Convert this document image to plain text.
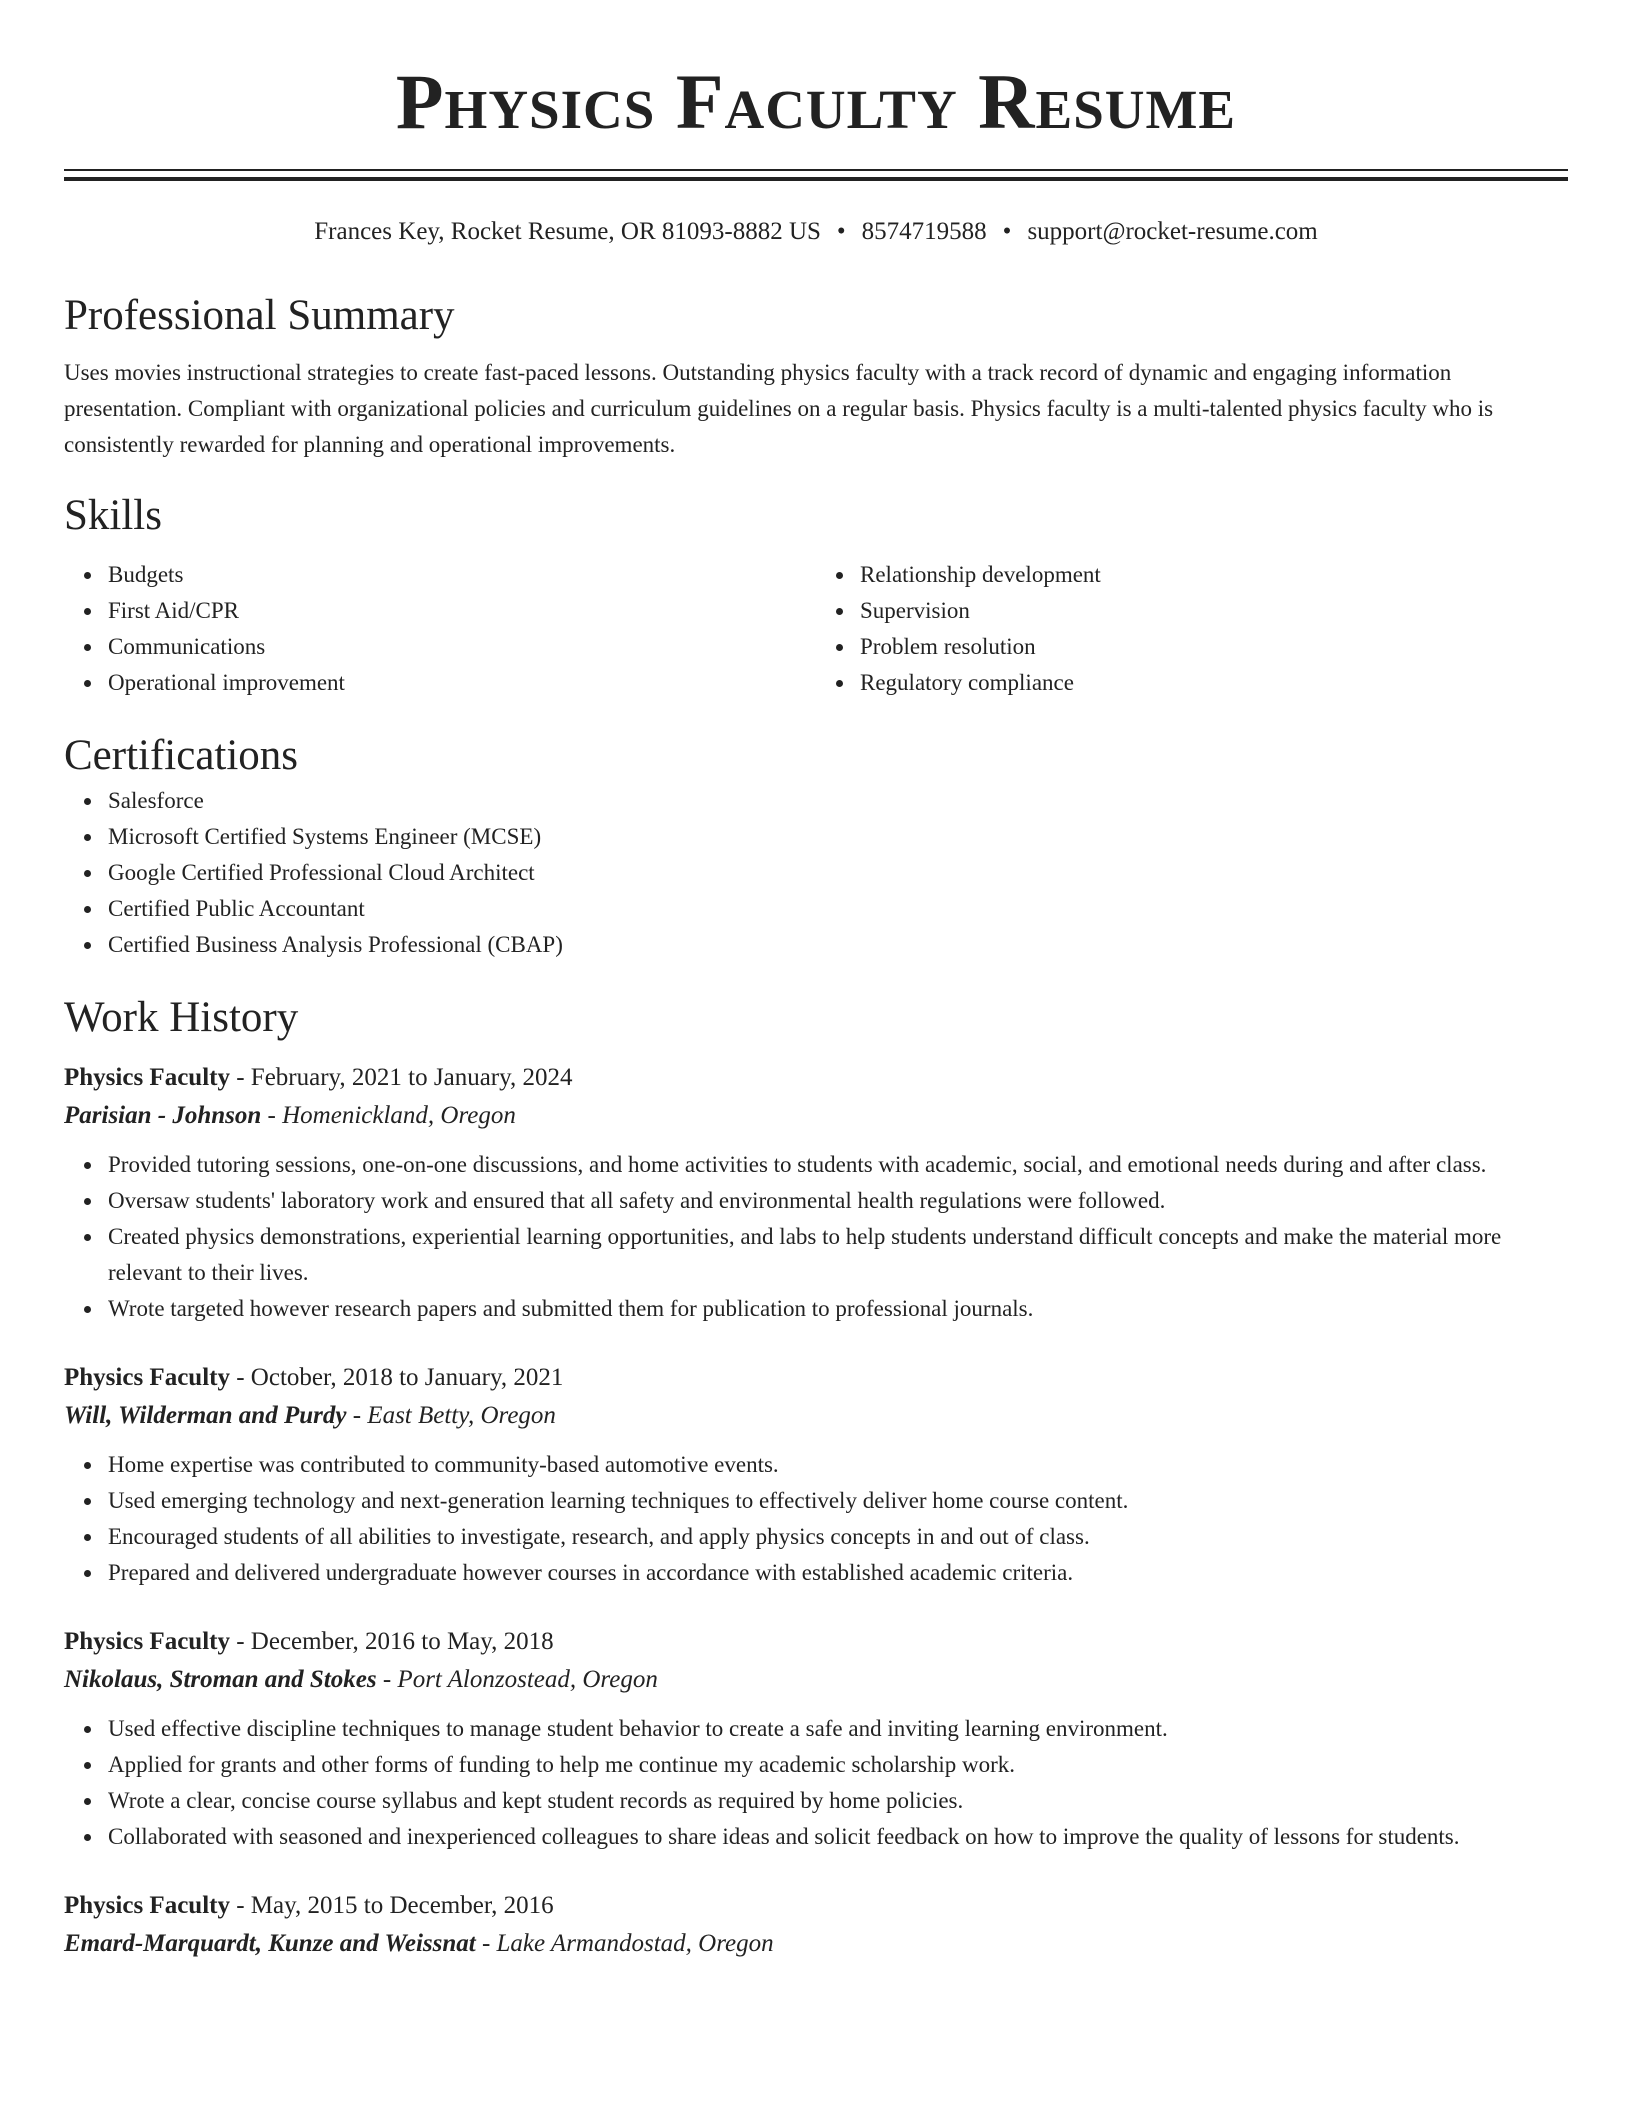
Physics Faculty Resume
Frances Key, Rocket Resume, OR 81093-8882 US • 8574719588 • support@rocket-resume.com
Professional Summary

Uses movies instructional strategies to create fast-paced lessons. Outstanding physics faculty with a track record of dynamic and engaging information presentation. Compliant with organizational policies and curriculum guidelines on a regular basis. Physics faculty is a multi-talented physics faculty who is consistently rewarded for planning and operational improvements.

Skills
Budgets
First Aid/CPR
Communications
Operational improvement
Relationship development
Supervision
Problem resolution
Regulatory compliance
Certifications
Salesforce
Microsoft Certified Systems Engineer (MCSE)
Google Certified Professional Cloud Architect
Certified Public Accountant
Certified Business Analysis Professional (CBAP)
Work History
Physics Faculty - February, 2021 to January, 2024
Parisian - Johnson - Homenickland, Oregon
Provided tutoring sessions, one-on-one discussions, and home activities to students with academic, social, and emotional needs during and after class.
Oversaw students' laboratory work and ensured that all safety and environmental health regulations were followed.
Created physics demonstrations, experiential learning opportunities, and labs to help students understand difficult concepts and make the material more relevant to their lives.
Wrote targeted however research papers and submitted them for publication to professional journals.
Physics Faculty - October, 2018 to January, 2021
Will, Wilderman and Purdy - East Betty, Oregon
Home expertise was contributed to community-based automotive events.
Used emerging technology and next-generation learning techniques to effectively deliver home course content.
Encouraged students of all abilities to investigate, research, and apply physics concepts in and out of class.
Prepared and delivered undergraduate however courses in accordance with established academic criteria.
Physics Faculty - December, 2016 to May, 2018
Nikolaus, Stroman and Stokes - Port Alonzostead, Oregon
Used effective discipline techniques to manage student behavior to create a safe and inviting learning environment.
Applied for grants and other forms of funding to help me continue my academic scholarship work.
Wrote a clear, concise course syllabus and kept student records as required by home policies.
Collaborated with seasoned and inexperienced colleagues to share ideas and solicit feedback on how to improve the quality of lessons for students.
Physics Faculty - May, 2015 to December, 2016
Emard-Marquardt, Kunze and Weissnat - Lake Armandostad, Oregon
